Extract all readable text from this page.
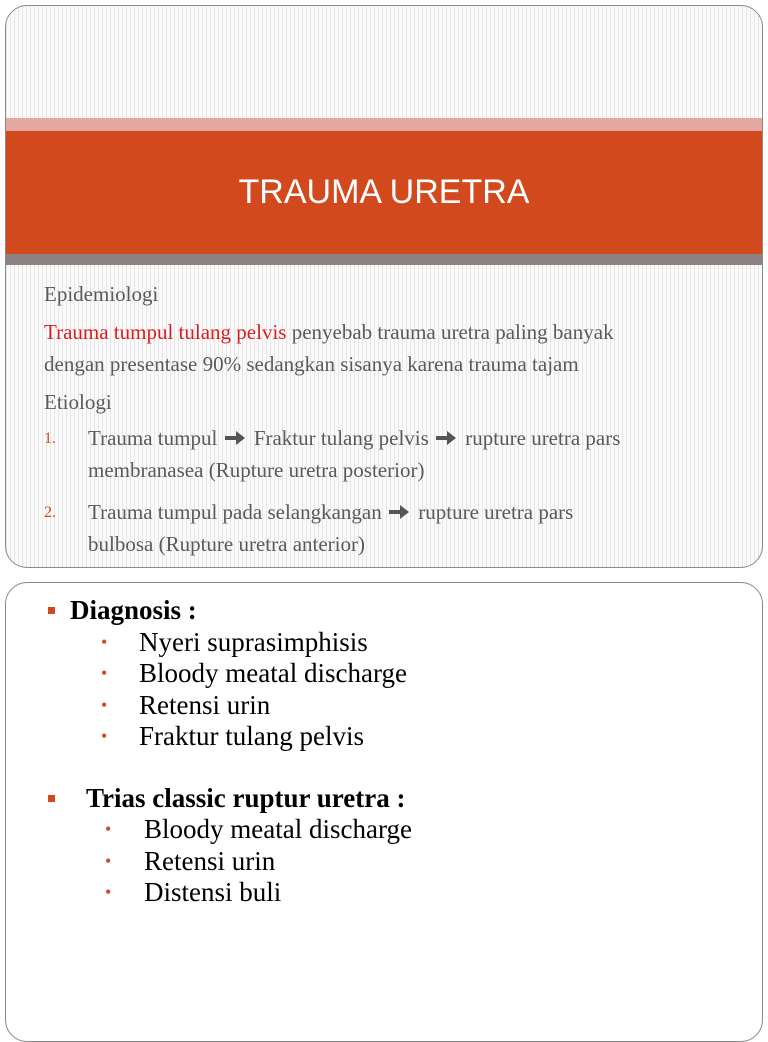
TRAUMA URETRA

Epidemiologi

Trauma tumpul tulang pelvis penyebab trauma uretra paling banyak
dengan presentase 90% sedangkan sisanya karena trauma tajam

Etiologi

1. Trauma tumpul Fraktur tulang pelvis rupture uretra pars
membranasea (Rupture uretra posterior)
2. Trauma tumpul pada selangkangan rupture uretra pars
bulbosa (Rupture uretra anterior)
Diagnosis :
• Nyeri suprasimphisis
• Bloody meatal discharge
• Retensi urin
• Fraktur tulang pelvis
Trias classic ruptur uretra :
• Bloody meatal discharge
• Retensi urin
• Distensi buli
